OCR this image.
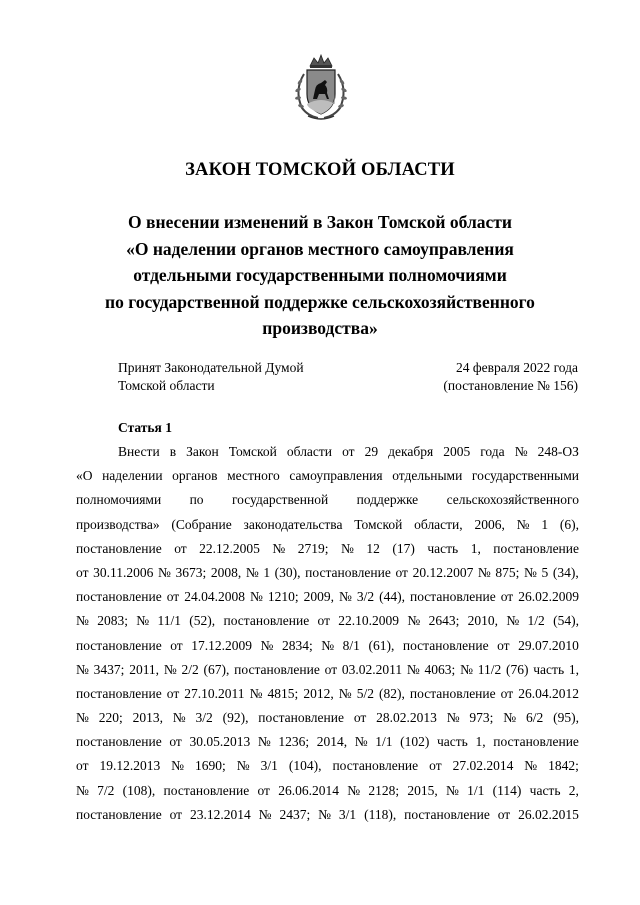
ЗАКОН ТОМСКОЙ ОБЛАСТИ
О внесении изменений в Закон Томской области
«О наделении органов местного самоуправления
отдельными государственными полномочиями
по государственной поддержке сельскохозяйственного
производства»
Принят Законодательной Думой
Томской области
24 февраля 2022 года
(постановление № 156)
Статья 1
Внести в Закон Томской области от 29 декабря 2005 года № 248-ОЗ
«О наделении органов местного самоуправления отдельными государственными
полномочиями по государственной поддержке сельскохозяйственного
производства» (Собрание законодательства Томской области, 2006, № 1 (6),
постановление от 22.12.2005 № 2719; № 12 (17) часть 1, постановление
от 30.11.2006 № 3673; 2008, № 1 (30), постановление от 20.12.2007 № 875; № 5 (34),
постановление от 24.04.2008 № 1210; 2009, № 3/2 (44), постановление от 26.02.2009
№ 2083; № 11/1 (52), постановление от 22.10.2009 № 2643; 2010, № 1/2 (54),
постановление от 17.12.2009 № 2834; № 8/1 (61), постановление от 29.07.2010
№ 3437; 2011, № 2/2 (67), постановление от 03.02.2011 № 4063; № 11/2 (76) часть 1,
постановление от 27.10.2011 № 4815; 2012, № 5/2 (82), постановление от 26.04.2012
№ 220; 2013, № 3/2 (92), постановление от 28.02.2013 № 973; № 6/2 (95),
постановление от 30.05.2013 № 1236; 2014, № 1/1 (102) часть 1, постановление
от 19.12.2013 № 1690; № 3/1 (104), постановление от 27.02.2014 № 1842;
№ 7/2 (108), постановление от 26.06.2014 № 2128; 2015, № 1/1 (114) часть 2,
постановление от 23.12.2014 № 2437; № 3/1 (118), постановление от 26.02.2015
